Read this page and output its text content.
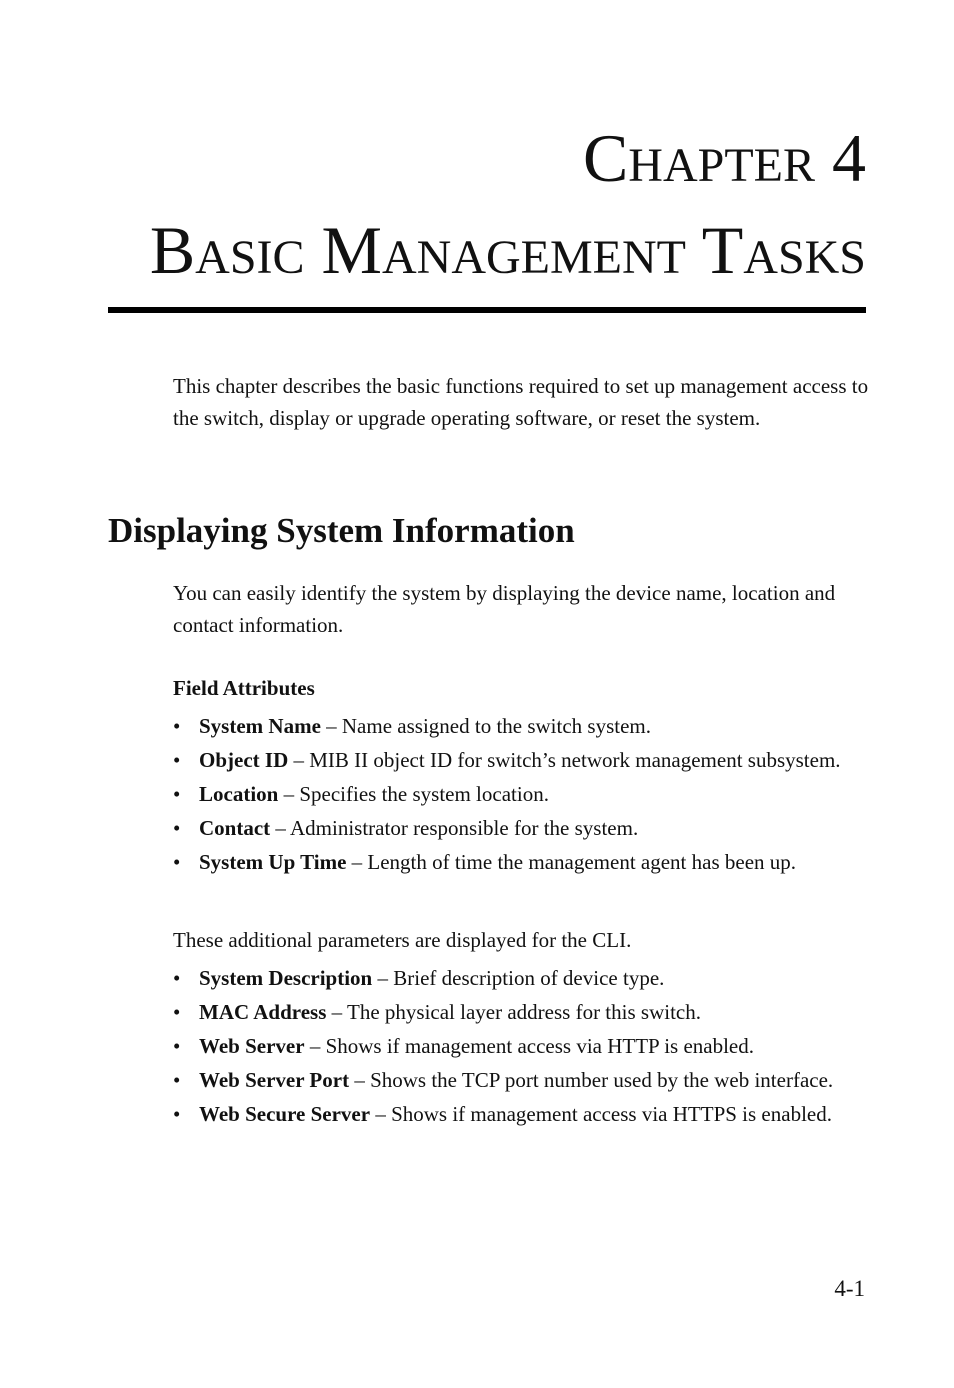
Chapter 4
Basic Management Tasks

This chapter describes the basic functions required to set up management access to the switch, display or upgrade operating software, or reset the system.

Displaying System Information

You can easily identify the system by displaying the device name, location and contact information.

Field Attributes
• System Name – Name assigned to the switch system.
• Object ID – MIB II object ID for switch’s network management subsystem.
• Location – Specifies the system location.
• Contact – Administrator responsible for the system.
• System Up Time – Length of time the management agent has been up.

These additional parameters are displayed for the CLI.

• System Description – Brief description of device type.
• MAC Address – The physical layer address for this switch.
• Web Server – Shows if management access via HTTP is enabled.
• Web Server Port – Shows the TCP port number used by the web interface.
• Web Secure Server – Shows if management access via HTTPS is enabled.

4-1
